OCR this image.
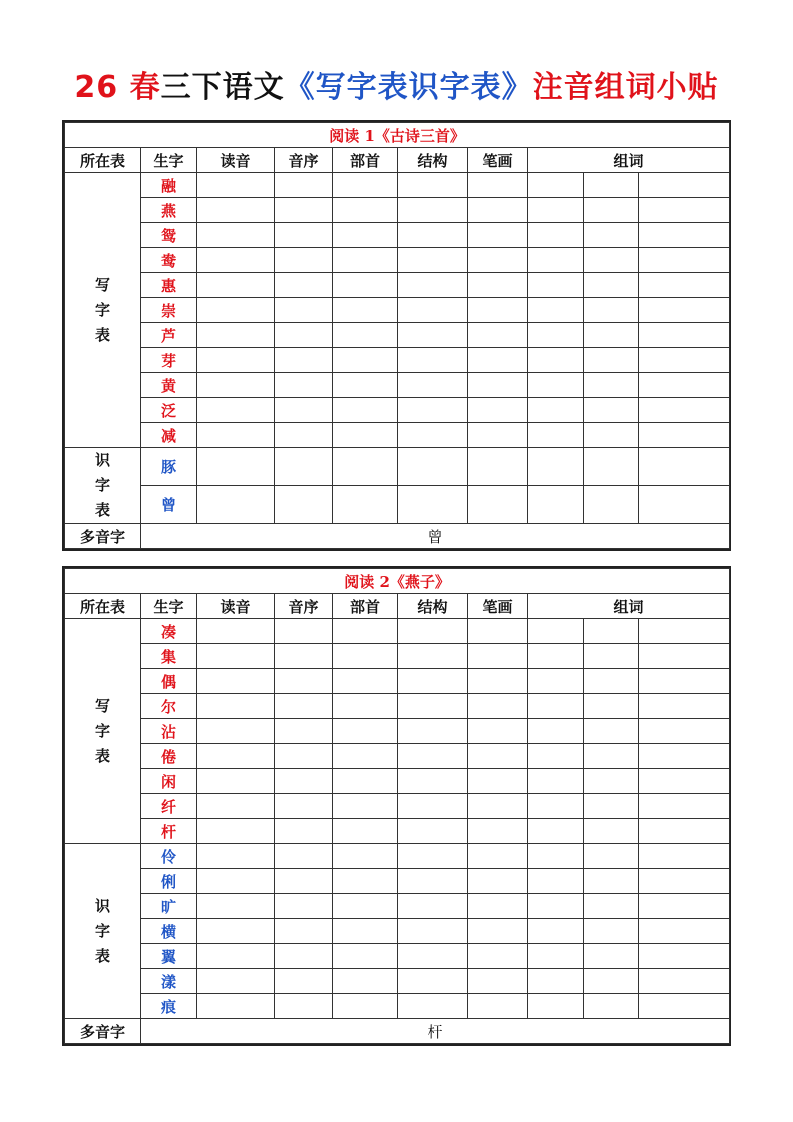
26 春三下语文《写字表识字表》注音组词小贴
阅读 1《古诗三首》									
所在表	生字	读音	音序	部首	结构	笔画	组词		
写
字
表	融								
	燕								
	鸳								
	鸯								
	惠								
	崇								
	芦								
	芽								
	黄								
	泛								
	减								
识
字
表	豚								
	曾								
多音字	曾								
阅读 2《燕子》									
所在表	生字	读音	音序	部首	结构	笔画	组词		
写
字
表	凑								
	集								
	偶								
	尔								
	沾								
	倦								
	闲								
	纤								
	杆								
识
字
表	伶								
	俐								
	旷								
	横								
	翼								
	漾								
	痕								
多音字	杆								
